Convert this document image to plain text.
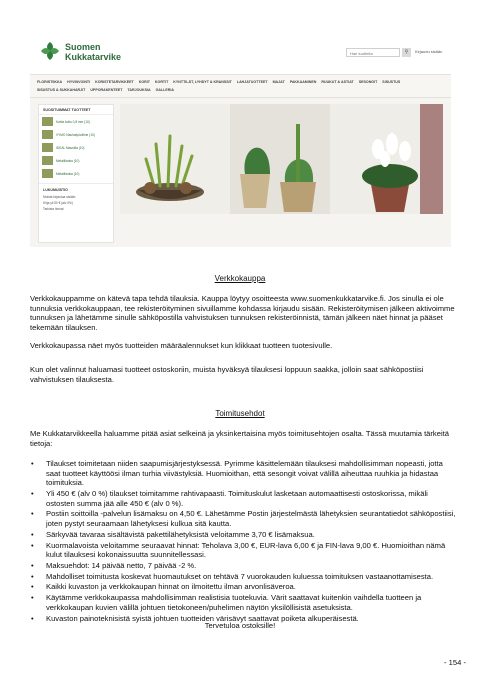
Suomen
Kukkatarvike	Hae tuotteita	⚲	Kirjaudu sisään
FLORISTIIKKA HYVINVOINTI KORISTETARVIKKEET KORIT KORTIT KYNTTILÄT, LYHDYT & KRANSSIT LAHJATUOTTEET MAJAT PAKKAAMINEN RUUKUT & ASTIAT SESONGIT SISUSTUS
SISUSTUS & SUKKAHARJIT UPPORAKENTEET TARJOUKSIA GALLERIA
SUOSITUIMMAT TUOTTEET
Kahla kuitu 0,8 mm (10)
VYMO Nauhatyöväline (10)
IDEAL Maustila (10)
Metallilanka (10)
Metallilanka (10)
LUKUMUISTIO
Muista kirjautua sisään
Kirja yli 50 € (alv 0%)
Tarkista hinnat
Verkkokauppa

Verkkokauppamme on kätevä tapa tehdä tilauksia. Kauppa löytyy osoitteesta www.suomenkukkatarvike.fi. Jos sinulla ei ole tunnuksia verkkokauppaan, tee rekisteröityminen sivuillamme kohdassa kirjaudu sisään. Rekisteröitymisen jälkeen aktivoimme tunnuksen ja lähetämme sinulle sähköpostilla vahvistuksen tunnuksen rekisteröinnistä, tämän jälkeen näet hinnat ja pääset tekemään tilauksen.

Verkkokaupassa näet myös tuotteiden määräalennukset kun klikkaat tuotteen tuotesivulle.

Kun olet valinnut haluamasi tuotteet ostoskoriin, muista hyväksyä tilauksesi loppuun saakka, jolloin saat sähköpostiisi vahvistuksen tilauksesta.

Toimitusehdot

Me Kukkatarvikkeella haluamme pitää asiat selkeinä ja yksinkertaisina myös toimitusehtojen osalta. Tässä muutamia tärkeitä tietoja:

• Tilaukset toimitetaan niiden saapumisjärjestyksessä. Pyrimme käsittelemään tilauksesi mahdollisimman nopeasti, jotta saat tuotteet käyttöösi ilman turhia viivästyksiä. Huomioithan, että sesongit voivat välillä aiheuttaa ruuhkia ja hidastaa toimituksia.
• Yli 450 € (alv 0 %) tilaukset toimitamme rahtivapaasti. Toimituskulut lasketaan automaattisesti ostoskorissa, mikäli ostosten summa jää alle 450 € (alv 0 %).
• Postiin soittoilla -palvelun lisämaksu on 4,50 €. Lähetämme Postin järjestelmästä lähetyksien seurantatiedot sähköpostiisi, joten pystyt seuraamaan lähetyksesi kulkua sitä kautta.
• Särkyvää tavaraa sisältävistä pakettilähetyksistä veloitamme 3,70 € lisämaksua.
• Kuormalavoista veloitamme seuraavat hinnat: Teholava 3,00 €, EUR-lava 6,00 € ja FIN-lava 9,00 €. Huomioithan nämä kulut tilauksesi kokonaissuutta suunnitellessasi.
• Maksuehdot: 14 päivää netto, 7 päivää -2 %.
• Mahdolliset toimitusta koskevat huomautukset on tehtävä 7 vuorokauden kuluessa toimituksen vastaanottamisesta.
• Kaikki kuvaston ja verkkokaupan hinnat on ilmoitettu ilman arvonlisäveroa.
• Käytämme verkkokaupassa mahdollisimman realistisia tuotekuvia. Värit saattavat kuitenkin vaihdella tuotteen ja verkkokaupan kuvien välillä johtuen tietokoneen/puhelimen näytön yksilöllisistä asetuksista.
• Kuvaston painoteknisistä syistä johtuen tuotteiden värisävyt saattavat poiketa alkuperäisestä.
Tervetuloa ostoksille!
- 154 -
